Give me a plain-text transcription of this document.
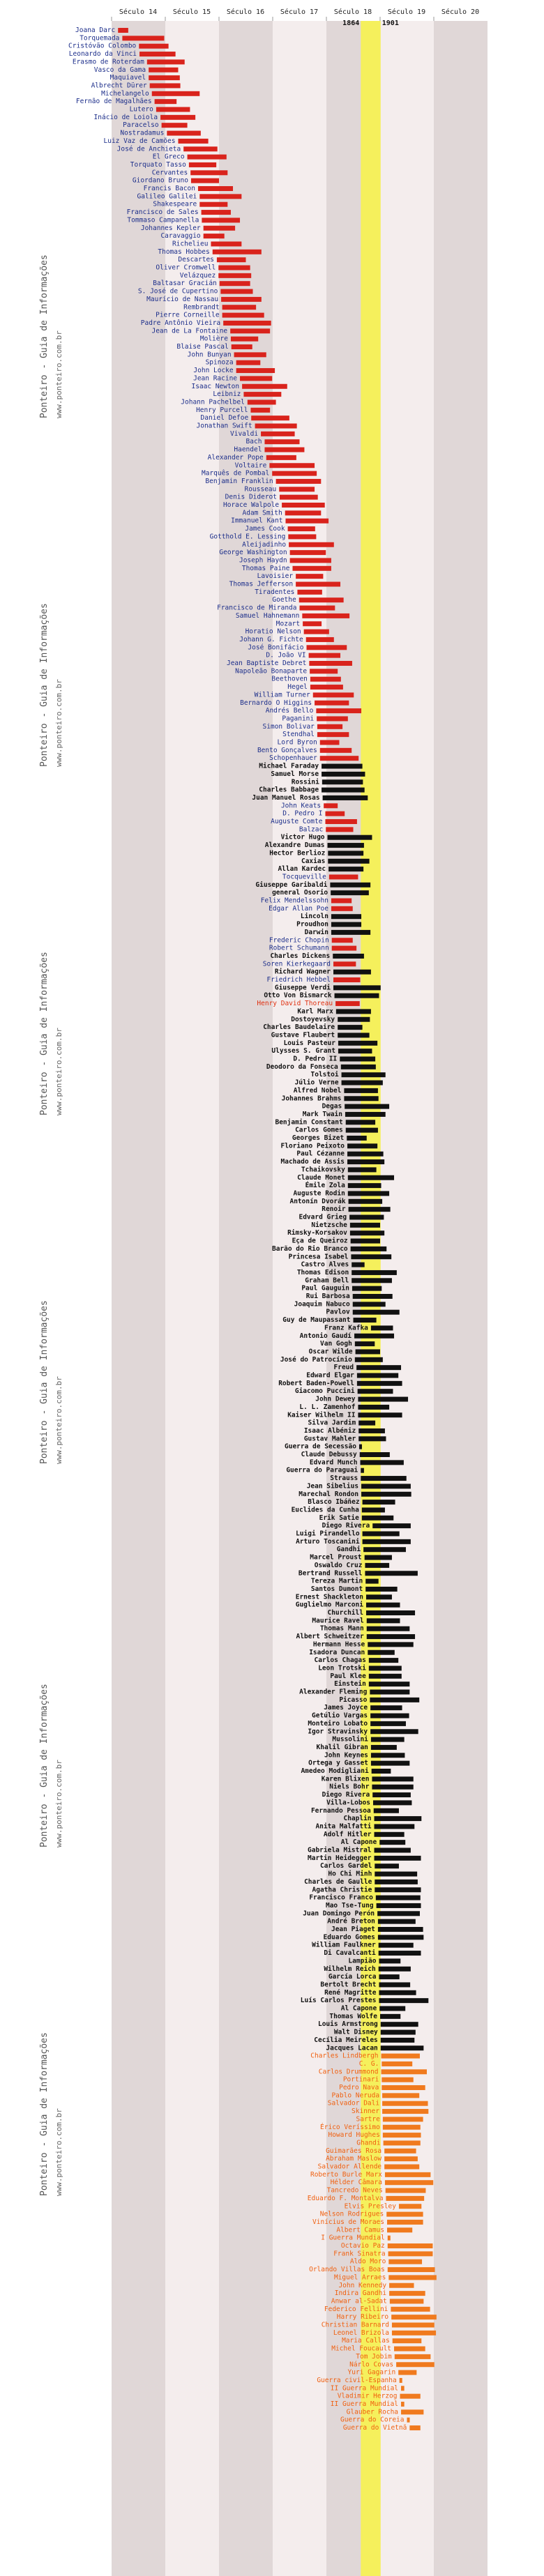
1864	1901
Século 14 Século 15 Século 16 Século 17 Século 18 Século 19 Século 20
Joana Darc
Torquemada
Cristóvão Colombo
Leonardo da Vinci
Erasmo de Roterdam
Vasco da Gama
Maquiavel
Albrecht Dürer
Michelangelo
Fernão de Magalhães
Lutero
Inácio de Loiola
Paracelso
Nostradamus
Luiz Vaz de Camões
José de Anchieta
El Greco
Torquato Tasso
Cervantes
Giordano Bruno
Francis Bacon
Galileo Galilei
Shakespeare
Francisco de Sales
Tommaso Campanella
Johannes Kepler
Caravaggio
Richelieu
Thomas Hobbes
Descartes
Oliver Cromwell
Velázquez
Baltasar Gracián
S. José de Cupertino
Maurício de Nassau
Rembrandt
Pierre Corneille
Padre Antônio Vieira
Jean de La Fontaine
Molière
Blaise Pascal
John Bunyan
Spinoza
John Locke
Jean Racine
Isaac Newton
Leibniz
Johann Pachelbel
Henry Purcell
Daniel Defoe
Jonathan Swift
Vivaldi
Bach
Haendel
Alexander Pope
Voltaire
Marquês de Pombal
Benjamin Franklin
Rousseau
Denis Diderot
Horace Walpole
Adam Smith
Immanuel Kant
James Cook
Gotthold E. Lessing
Aleijadinho
George Washington
Joseph Haydn
Thomas Paine
Lavoisier
Thomas Jefferson
Tiradentes
Goethe
Francisco de Miranda
Samuel Hahnemann
Mozart
Horatio Nelson
Johann G. Fichte
José Bonifácio
D. João VI
Jean Baptiste Debret
Napoleão Bonaparte
Beethoven
Hegel
William Turner
Bernardo O Higgins
Andrés Bello
Paganini
Simon Bolivar
Stendhal
Lord Byron
Bento Gonçalves
Schopenhauer
Michael Faraday
Samuel Morse
Rossini
Charles Babbage
Juan Manuel Rosas
John Keats
D. Pedro I
Auguste Comte
Balzac
Victor Hugo
Alexandre Dumas
Hector Berlioz
Caxias
Allan Kardec
Tocqueville
Giuseppe Garibaldi
general Osorio
Felix Mendelssohn
Edgar Allan Poe
Lincoln
Proudhon
Darwin
Frederic Chopin
Robert Schumann
Charles Dickens
Soren Kierkegaard
Richard Wagner
Friedrich Hebbel
Giuseppe Verdi
Otto Von Bismarck
Henry David Thoreau
Karl Marx
Dostoyevsky
Charles Baudelaire
Gustave Flaubert
Louis Pasteur
Ulysses S. Grant
D. Pedro II
Deodoro da Fonseca
Tolstoi
Júlio Verne
Alfred Nobel
Johannes Brahms
Degas
Mark Twain
Benjamin Constant
Carlos Gomes
Georges Bizet
Floriano Peixoto
Paul Cézanne
Machado de Assis
Tchaikovsky
Claude Monet
Émile Zola
Auguste Rodin
Antonín Dvorák
Renoir
Edvard Grieg
Nietzsche
Rimsky-Korsakov
Eça de Queiroz
Barão do Rio Branco
Princesa Isabel
Castro Alves
Thomas Edison
Graham Bell
Paul Gauguin
Rui Barbosa
Joaquim Nabuco
Pavlov
Guy de Maupassant
Franz Kafka
Antonio Gaudí
Van Gogh
Oscar Wilde
José do Patrocínio
Freud
Edward Elgar
Robert Baden-Powell
Giacomo Puccini
John Dewey
L. L. Zamenhof
Kaiser Wilhelm II
Silva Jardim
Isaac Albéniz
Gustav Mahler
Guerra de Secessão
Claude Debussy
Edvard Munch
Guerra do Paraguai
Strauss
Jean Sibelius
Marechal Rondon
Blasco Ibáñez
Euclides da Cunha
Erik Satie
Diego Rivera
Luigi Pirandello
Arturo Toscanini
Gandhi
Marcel Proust
Oswaldo Cruz
Bertrand Russell
Tereza Martin
Santos Dumont
Ernest Shackleton
Guglielmo Marconi
Churchill
Maurice Ravel
Thomas Mann
Albert Schweitzer
Hermann Hesse
Isadora Duncan
Carlos Chagas
Leon Trotski
Paul Klee
Einstein
Alexander Fleming
Picasso
James Joyce
Getúlio Vargas
Monteiro Lobato
Igor Stravinsky
Mussolini
Khalil Gibran
John Keynes
Ortega y Gasset
Amedeo Modigliani
Karen Blixen
Niels Bohr
Diego Rivera
Villa-Lobos
Fernando Pessoa
Chaplin
Anita Malfatti
Adolf Hitler
Al Capone
Gabriela Mistral
Martin Heidegger
Carlos Gardel
Ho Chi Minh
Charles de Gaulle
Agatha Christie
Francisco Franco
Mao Tse-Tung
Juan Domingo Perón
André Breton
Jean Piaget
Eduardo Gomes
William Faulkner
Di Cavalcanti
Lampião
Wilhelm Reich
García Lorca
Bertolt Brecht
René Magritte
Luís Carlos Prestes
Al Capone
Thomas Wolfe
Louis Armstrong
Walt Disney
Cecília Meireles
Jacques Lacan
Charles Lindbergh
C. G.
Carlos Drummond
Portinari
Pedro Nava
Pablo Neruda
Salvador Dali
Skinner
Sartre
Érico Veríssimo
Howard Hughes
Ghandi
Guimarães Rosa
Abraham Maslow
Salvador Allende
Roberto Burle Marx
Hélder Câmara
Tancredo Neves
Eduardo F. Montalva
Elvis Presley
Nelson Rodrigues
Vinícius de Moraes
Albert Camus
I Guerra Mundial
Octavio Paz
Frank Sinatra
Aldo Moro
Orlando Villas Boas
Miguel Arraes
John Kennedy
Indira Gandhi
Anwar al-Sadat
Federico Fellini
Harry Ribeiro
Christian Barnard
Leonel Brizola
Maria Callas
Michel Foucault
Tom Jobim
Nárlo Covas
Yuri Gagarin
Guerra civil-Espanha
II Guerra Mundial
Vladimir Herzog
II Guerra Mundial
Glauber Rocha
Guerra do Coreia
Guerra do Vietnã
Ponteiro - Guia de Informações www.ponteiro.com.br
Ponteiro - Guia de Informações www.ponteiro.com.br
Ponteiro - Guia de Informações www.ponteiro.com.br
Ponteiro - Guia de Informações www.ponteiro.com.br
Ponteiro - Guia de Informações www.ponteiro.com.br
Ponteiro - Guia de Informações www.ponteiro.com.br
